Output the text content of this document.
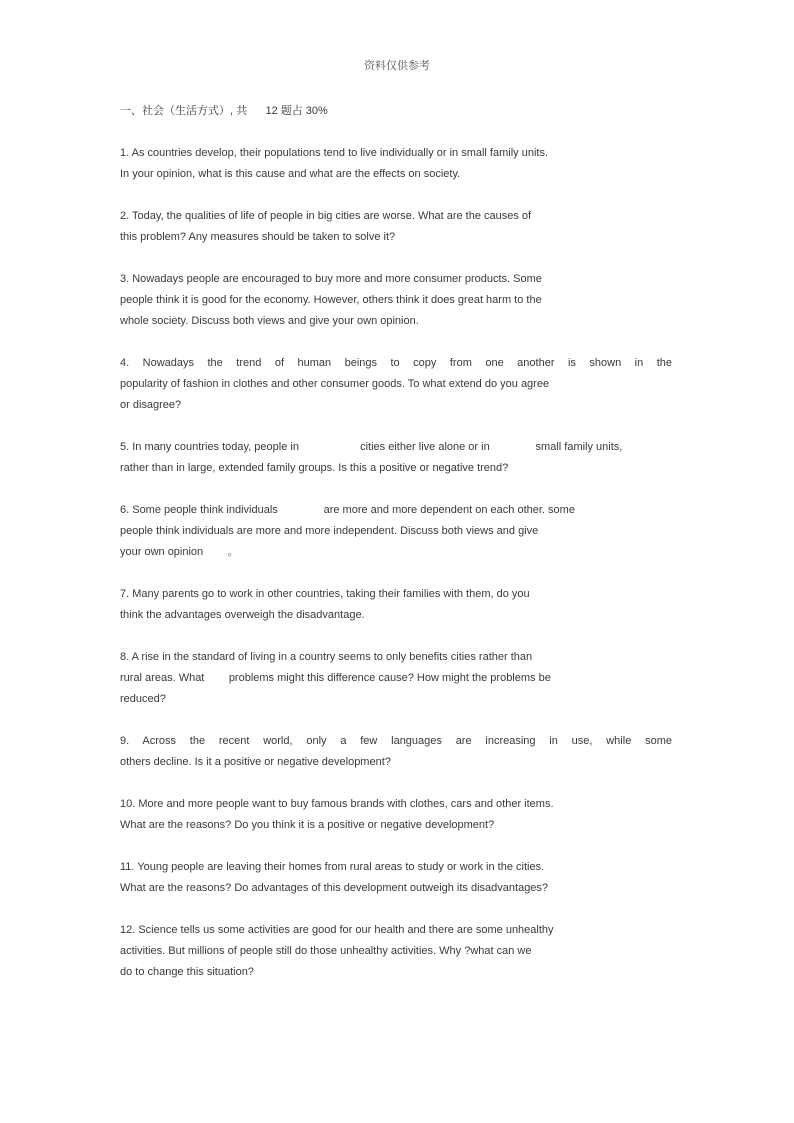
资料仅供参考
一、社会（生活方式）, 共      12 题占 30%
1. As countries develop, their populations tend to live individually or in small family units.
In your opinion, what is this cause and what are the effects on society.
2. Today, the qualities of life of people in big cities are worse. What are the causes of
this problem? Any measures should be taken to solve it?
3. Nowadays people are encouraged to buy more and more consumer products. Some
people think it is good for the economy. However, others think it does great harm to the
whole society. Discuss both views and give your own opinion.
4. Nowadays the trend of human beings to copy from one another is shown in the
popularity of fashion in clothes and other consumer goods. To what extend do you agree
or disagree?
5. In many countries today, people in                    cities either live alone or in               small family units,
rather than in large, extended family groups. Is this a positive or negative trend?
6. Some people think individuals               are more and more dependent on each other. some
people think individuals are more and more independent. Discuss both views and give
your own opinion        。
7. Many parents go to work in other countries, taking their families with them, do you
think the advantages overweigh the disadvantage.
8. A rise in the standard of living in a country seems to only benefits cities rather than
rural areas. What        problems might this difference cause? How might the problems be
reduced?
9. Across the recent world, only a few languages are increasing in use, while some
others decline. Is it a positive or negative development?
10. More and more people want to buy famous brands with clothes, cars and other items.
What are the reasons? Do you think it is a positive or negative development?
11. Young people are leaving their homes from rural areas to study or work in the cities.
What are the reasons? Do advantages of this development outweigh its disadvantages?
12. Science tells us some activities are good for our health and there are some unhealthy
activities. But millions of people still do those unhealthy activities. Why ?what can we
do to change this situation?
